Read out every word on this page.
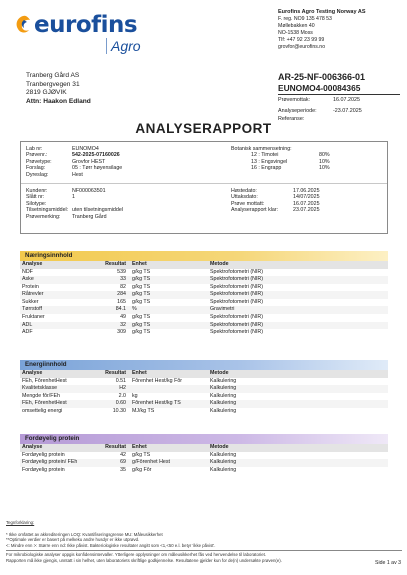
eurofins
Agro
Eurofins Agro Testing Norway AS
F. reg. NO9 135 478 53
Møllebakken 40
NO-1538 Moss
Tlf: +47 92 23 99 99
grovfor@eurofins.no
Tranberg Gård AS
Tranbergvegen 31
2819 GJØVIK
Attn: Haakon Edland
AR-25-NF-006366-01
EUNOMO4-00084365
Prøvemottak:	16.07.2025
Analyseperiode:	-23.07.2025
Referanse:
ANALYSERAPPORT
Lab nr:	EUNOMO4
Prøvenr.:	542-2025-07160026
Prøvetype:	Grovfor HEST
Forslag:	05 : Tørr høyensilage
Dyreslag:	Hest
Botanisk sammensetning:
12 : Timotei	80%
13 : Engsvingel	10%
16 : Engrapp	10%
Kundenr:	NF000063501
Slått nr:	1
Silotype:
Tilsetningsmiddel: uten tilsetningsmiddel
Prøvemerking:	Tranberg Gård
Høstedato:	17.06.2025
Uttaksdato:	14/07/2025
Prøve mottatt:	16.07.2025
Analyserapport klar:	23.07.2025
Næringsinnhold
Analyse	Resultat	Enhet	Metode
NDF	539	g/kg TS	Spektrofotometri (NIR)
Aske	33	g/kg TS	Spektrofotometri (NIR)
Protein	82	g/kg TS	Spektrofotometri (NIR)
Råtrevler	284	g/kg TS	Spektrofotometri (NIR)
Sukker	165	g/kg TS	Spektrofotometri (NIR)
Tørrstoff	84.1	%	Gravimetri
Fruktaner	49	g/kg TS	Spektrofotometri (NIR)
ADL	32	g/kg TS	Spektrofotometri (NIR)
ADF	309	g/kg TS	Spektrofotometri (NIR)
Energiinnhold
Analyse	Resultat	Enhet	Metode
FEh, FôrenhetHest	0.51	Fôrenhet Hest/kg Fôr	Kalkulering
Kvalitetsklasse	H2		Kalkulering
Mengde fôr/FEh	2.0	kg	Kalkulering
FEh, FôrenhetHest	0.60	Fôrenhet Hest/kg TS	Kalkulering
omsettelig energi	10.30	MJ/kg TS	Kalkulering
Fordøyelig protein
Analyse	Resultat	Enhet	Metode
Fordøyelig protein	42	g/kg TS	Kalkulering
Fordøyelig protein/ FEh	69	g/Fôrenhet Hest	Kalkulering
Fordøyelig protein	35	g/kg Fôr	Kalkulering
Tegnforklaring:
* Ikke omfattet av akkrediteringen LOQ: Kvantifiseringsgrense MU: Måleusikkerhet
**Optimale verdier er basert på melkeku andre husdyr er ikke utprøvd.
<: Mindre enn >: Større enn nd: Ikke påvist. Bakteriologiske resultater angitt som <1,<50 e.l. betyr 'ikke påvist'.
For mikrobiologiske analyser oppgis konfidensintervaller. Ytterligere opplysninger om måleusikkerhet fås ved henvendelse til laboratoriet.
Rapporten må ikke gjengis, unntatt i sin helhet, uten laboratoriets skriftlige godkjennelse. Resultatene gjelder kun for de(n) undersøkte prøven(e).	Side 1 av 3
